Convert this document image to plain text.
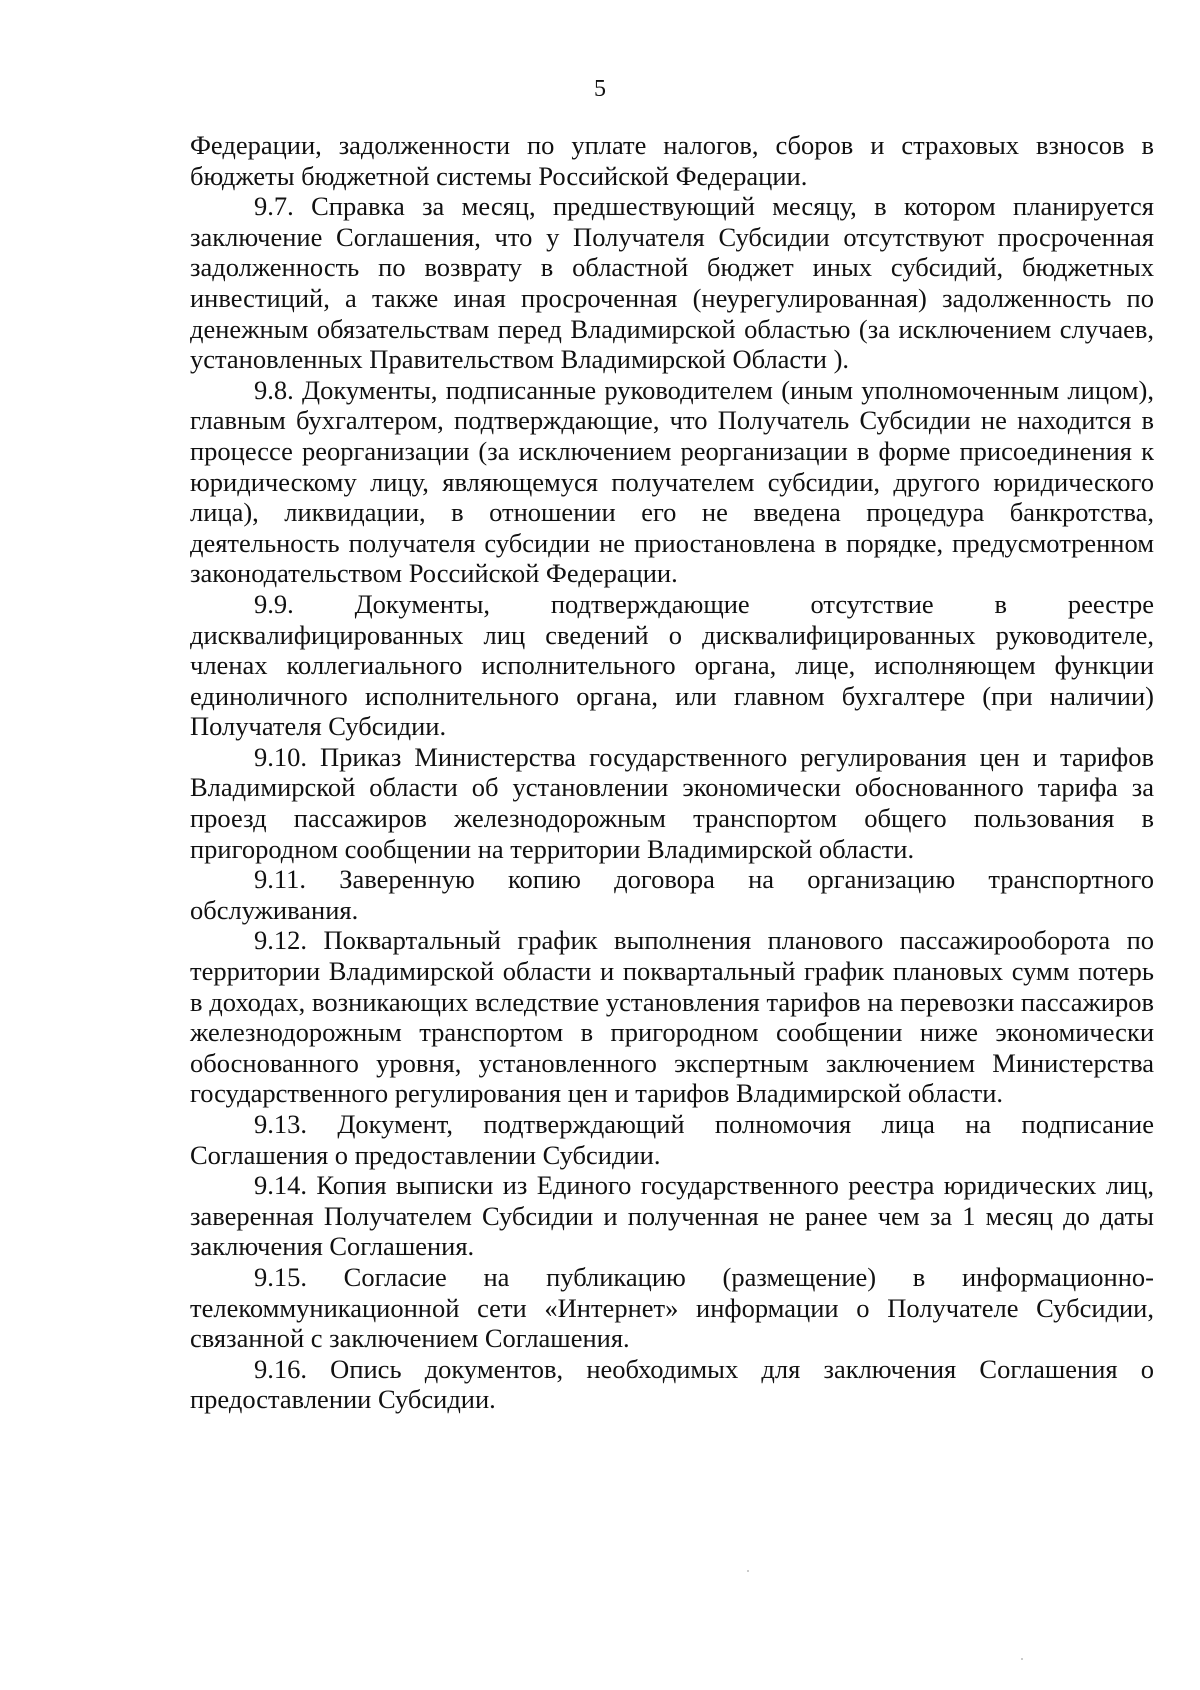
5

Федерации, задолженности по уплате налогов, сборов и страховых взносов в бюджеты бюджетной системы Российской Федерации.

9.7. Справка за месяц, предшествующий месяцу, в котором планируется заключение Соглашения, что у Получателя Субсидии отсутствуют просроченная задолженность по возврату в областной бюджет иных субсидий, бюджетных инвестиций, а также иная просроченная (неурегулированная) задолженность по денежным обязательствам перед Владимирской областью (за исключением случаев, установленных Правительством Владимирской Области ).

9.8. Документы, подписанные руководителем (иным уполномоченным лицом), главным бухгалтером, подтверждающие, что Получатель Субсидии не находится в процессе реорганизации (за исключением реорганизации в форме присоединения к юридическому лицу, являющемуся получателем субсидии, другого юридического лица), ликвидации, в отношении его не введена процедура банкротства, деятельность получателя субсидии не приостановлена в порядке, предусмотренном законодательством Российской Федерации.

9.9. Документы, подтверждающие отсутствие в реестре дисквалифицированных лиц сведений о дисквалифицированных руководителе, членах коллегиального исполнительного органа, лице, исполняющем функции единоличного исполнительного органа, или главном бухгалтере (при наличии) Получателя Субсидии.

9.10. Приказ Министерства государственного регулирования цен и тарифов Владимирской области об установлении экономически обоснованного тарифа за проезд пассажиров железнодорожным транспортом общего пользования в пригородном сообщении на территории Владимирской области.

9.11. Заверенную копию договора на организацию транспортного обслуживания.

9.12. Поквартальный график выполнения планового пассажирооборота по территории Владимирской области и поквартальный график плановых сумм потерь в доходах, возникающих вследствие установления тарифов на перевозки пассажиров железнодорожным транспортом в пригородном сообщении ниже экономически обоснованного уровня, установленного экспертным заключением Министерства государственного регулирования цен и тарифов Владимирской области.

9.13. Документ, подтверждающий полномочия лица на подписание Соглашения о предоставлении Субсидии.

9.14. Копия выписки из Единого государственного реестра юридических лиц, заверенная Получателем Субсидии и полученная не ранее чем за 1 месяц до даты заключения Соглашения.

9.15. Согласие на публикацию (размещение) в информационно-телекоммуникационной сети «Интернет» информации о Получателе Субсидии, связанной с заключением Соглашения.

9.16. Опись документов, необходимых для заключения Соглашения о предоставлении Субсидии.
